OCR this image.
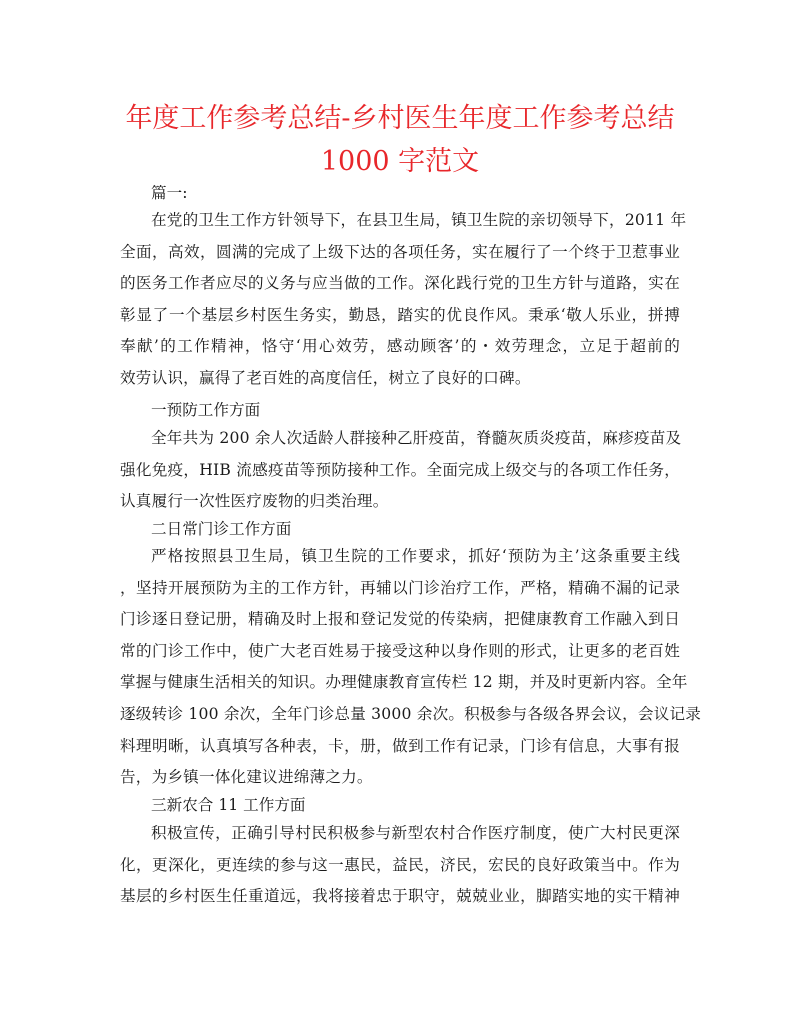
年度工作参考总结-乡村医生年度工作参考总结
1000 字范文
篇一:
在党的卫生工作方针领导下，在县卫生局，镇卫生院的亲切领导下，2011 年
全面，高效，圆满的完成了上级下达的各项任务，实在履行了一个终于卫惹事业
的医务工作者应尽的义务与应当做的工作。深化践行党的卫生方针与道路，实在
彰显了一个基层乡村医生务实，勤恳，踏实的优良作风。秉承‘敬人乐业，拼搏
奉献’的工作精神，恪守‘用心效劳，感动顾客’的・效劳理念，立足于超前的
效劳认识，赢得了老百姓的高度信任，树立了良好的口碑。
一预防工作方面
全年共为 200 余人次适龄人群接种乙肝疫苗，脊髓灰质炎疫苗，麻疹疫苗及
强化免疫，HIB 流感疫苗等预防接种工作。全面完成上级交与的各项工作任务，
认真履行一次性医疗废物的归类治理。
二日常门诊工作方面
严格按照县卫生局，镇卫生院的工作要求，抓好‘预防为主’这条重要主线
，坚持开展预防为主的工作方针，再辅以门诊治疗工作，严格，精确不漏的记录
门诊逐日登记册，精确及时上报和登记发觉的传染病，把健康教育工作融入到日
常的门诊工作中，使广大老百姓易于接受这种以身作则的形式，让更多的老百姓
掌握与健康生活相关的知识。办理健康教育宣传栏 12 期，并及时更新内容。全年
逐级转诊 100 余次，全年门诊总量 3000 余次。积极参与各级各界会议，会议记录
料理明晰，认真填写各种表，卡，册，做到工作有记录，门诊有信息，大事有报
告，为乡镇一体化建议进绵薄之力。
三新农合 11 工作方面
积极宣传，正确引导村民积极参与新型农村合作医疗制度，使广大村民更深
化，更深化，更连续的参与这一惠民，益民，济民，宏民的良好政策当中。作为
基层的乡村医生任重道远，我将接着忠于职守，兢兢业业，脚踏实地的实干精神
